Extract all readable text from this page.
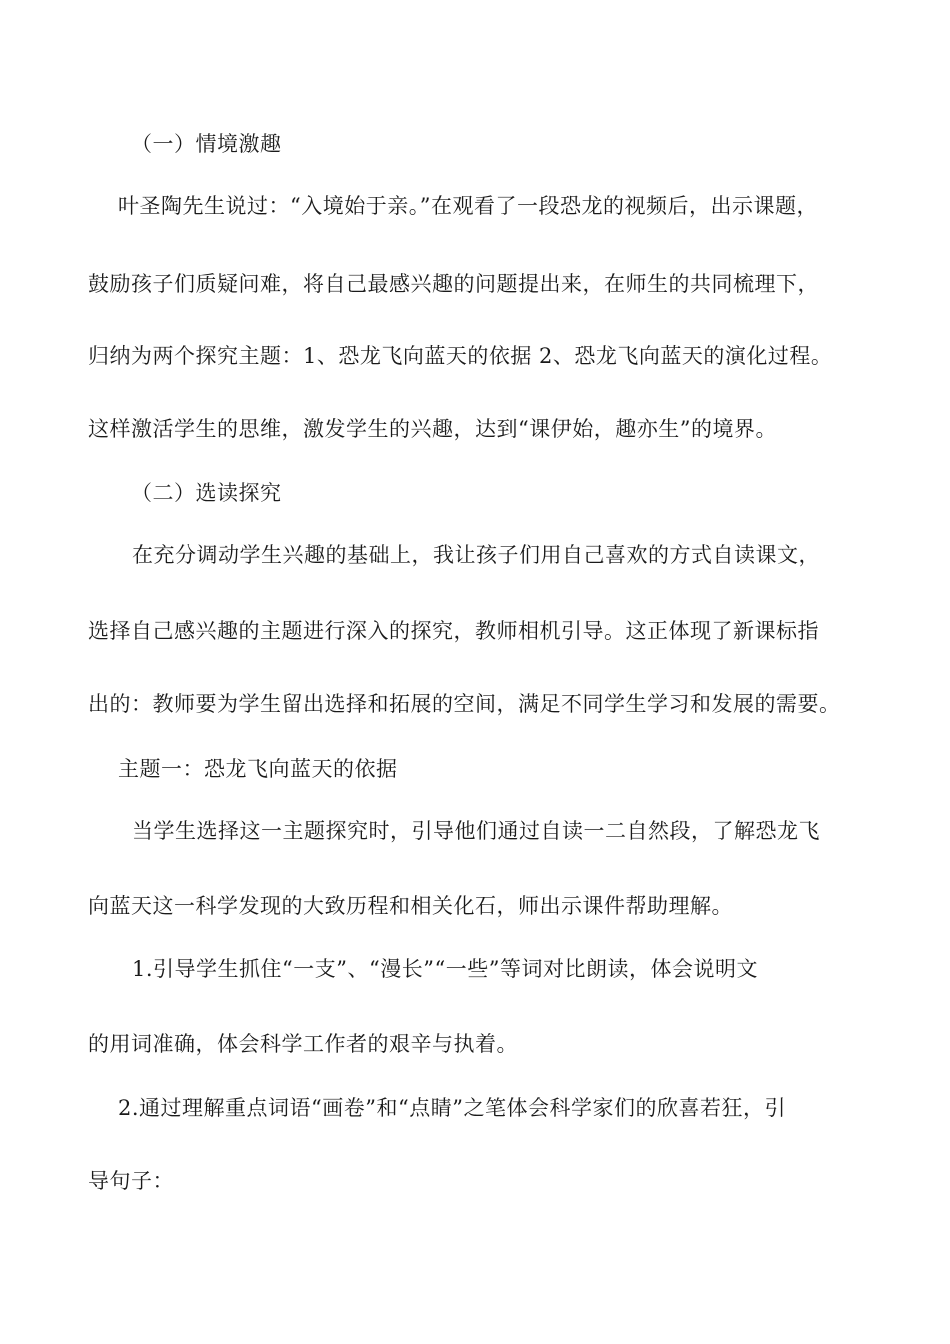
（一）情境激趣
叶圣陶先生说过：“入境始于亲。”在观看了一段恐龙的视频后，出示课题，
鼓励孩子们质疑问难，将自己最感兴趣的问题提出来，在师生的共同梳理下，
归纳为两个探究主题：1、恐龙飞向蓝天的依据 2、恐龙飞向蓝天的演化过程。
这样激活学生的思维，激发学生的兴趣，达到“课伊始，趣亦生”的境界。
（二）选读探究
在充分调动学生兴趣的基础上，我让孩子们用自己喜欢的方式自读课文，
选择自己感兴趣的主题进行深入的探究，教师相机引导。这正体现了新课标指
出的：教师要为学生留出选择和拓展的空间，满足不同学生学习和发展的需要。
主题一：恐龙飞向蓝天的依据
当学生选择这一主题探究时，引导他们通过自读一二自然段，了解恐龙飞
向蓝天这一科学发现的大致历程和相关化石，师出示课件帮助理解。
1.引导学生抓住“一支”、“漫长”“一些”等词对比朗读，体会说明文
的用词准确，体会科学工作者的艰辛与执着。
2.通过理解重点词语“画卷”和“点睛”之笔体会科学家们的欣喜若狂，引
导句子：
